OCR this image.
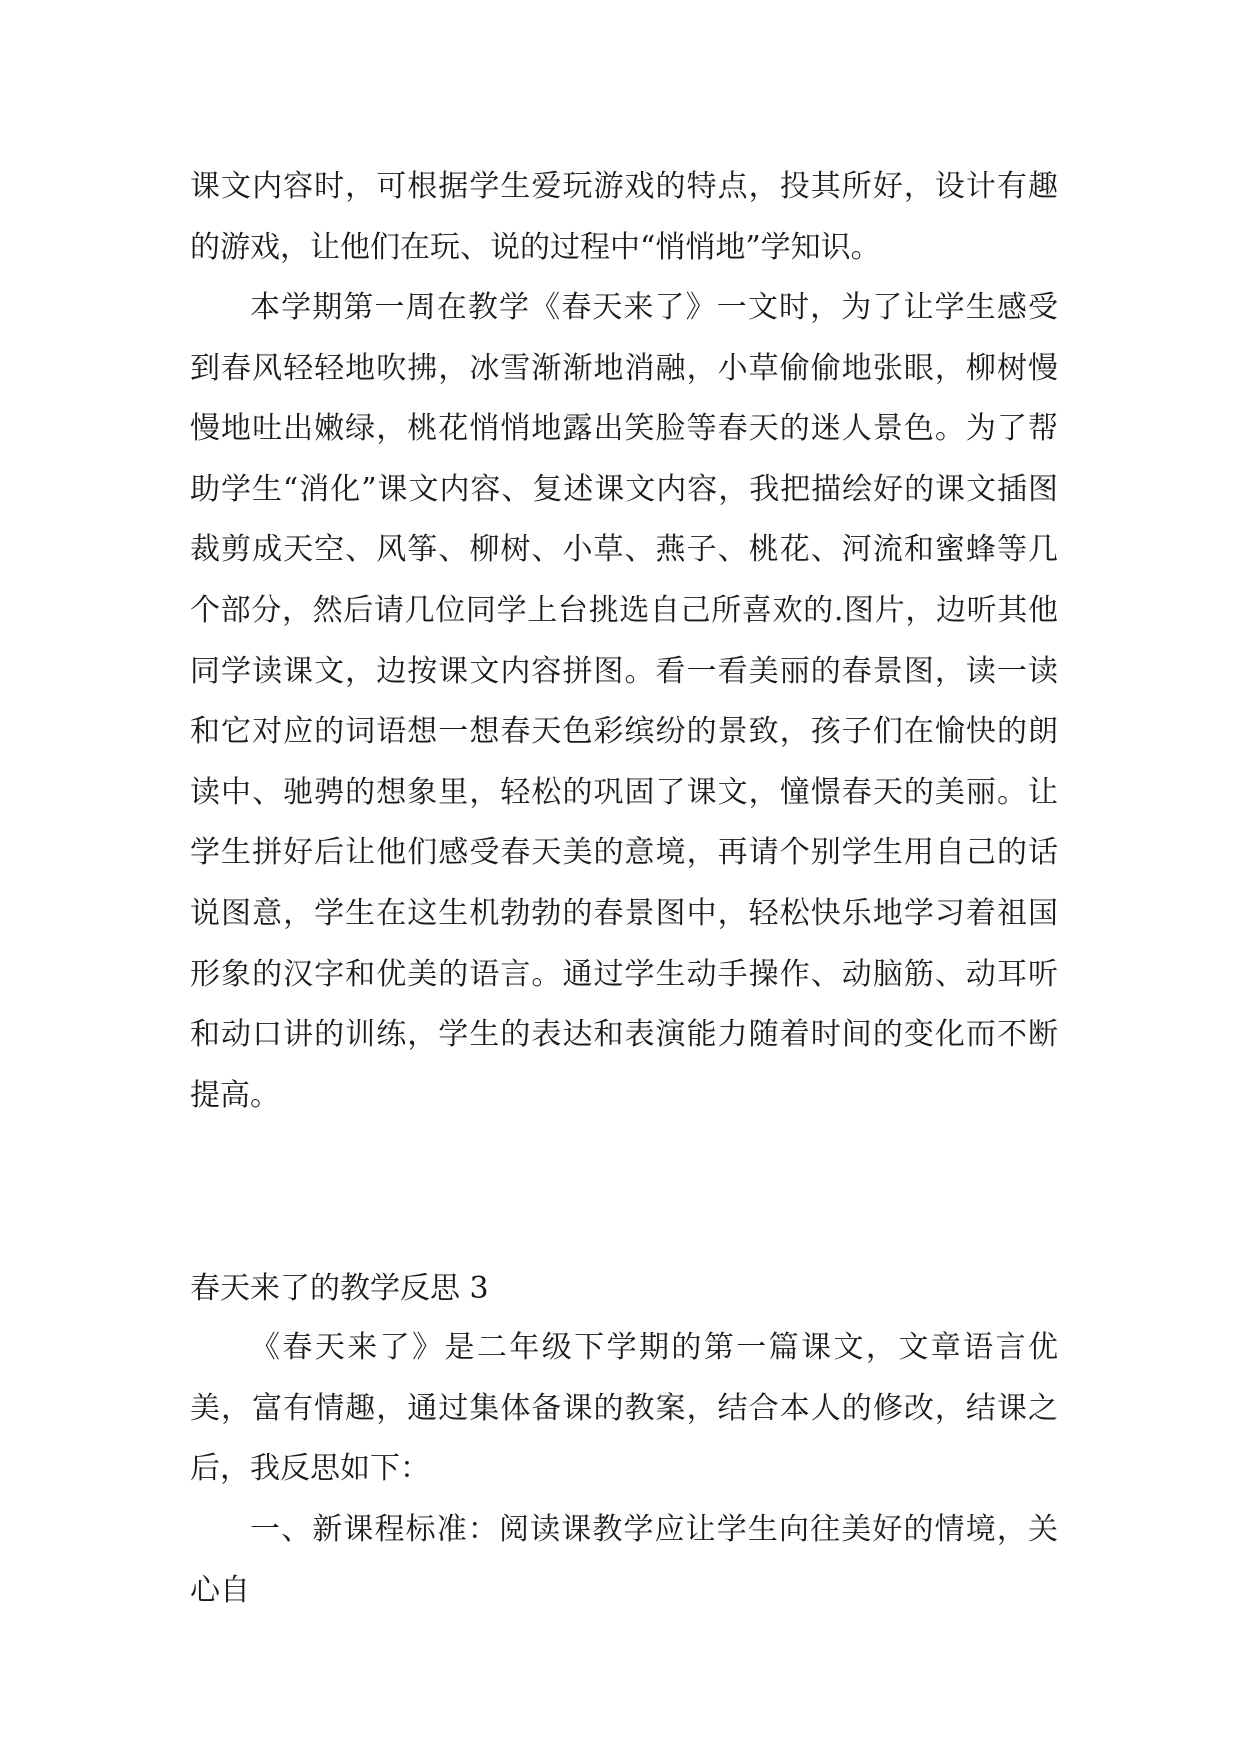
课文内容时，可根据学生爱玩游戏的特点，投其所好，设计有趣的游戏，让他们在玩、说的过程中“悄悄地”学知识。

本学期第一周在教学《春天来了》一文时，为了让学生感受到春风轻轻地吹拂，冰雪渐渐地消融，小草偷偷地张眼，柳树慢慢地吐出嫩绿，桃花悄悄地露出笑脸等春天的迷人景色。为了帮助学生“消化”课文内容、复述课文内容，我把描绘好的课文插图裁剪成天空、风筝、柳树、小草、燕子、桃花、河流和蜜蜂等几个部分，然后请几位同学上台挑选自己所喜欢的.图片，边听其他同学读课文，边按课文内容拼图。看一看美丽的春景图，读一读和它对应的词语想一想春天色彩缤纷的景致，孩子们在愉快的朗读中、驰骋的想象里，轻松的巩固了课文，憧憬春天的美丽。让学生拼好后让他们感受春天美的意境，再请个别学生用自己的话说图意，学生在这生机勃勃的春景图中，轻松快乐地学习着祖国形象的汉字和优美的语言。通过学生动手操作、动脑筋、动耳听和动口讲的训练，学生的表达和表演能力随着时间的变化而不断提高。

春天来了的教学反思 3

《春天来了》是二年级下学期的第一篇课文，文章语言优美，富有情趣，通过集体备课的教案，结合本人的修改，结课之后，我反思如下：

一、新课程标准：阅读课教学应让学生向往美好的情境，关心自
